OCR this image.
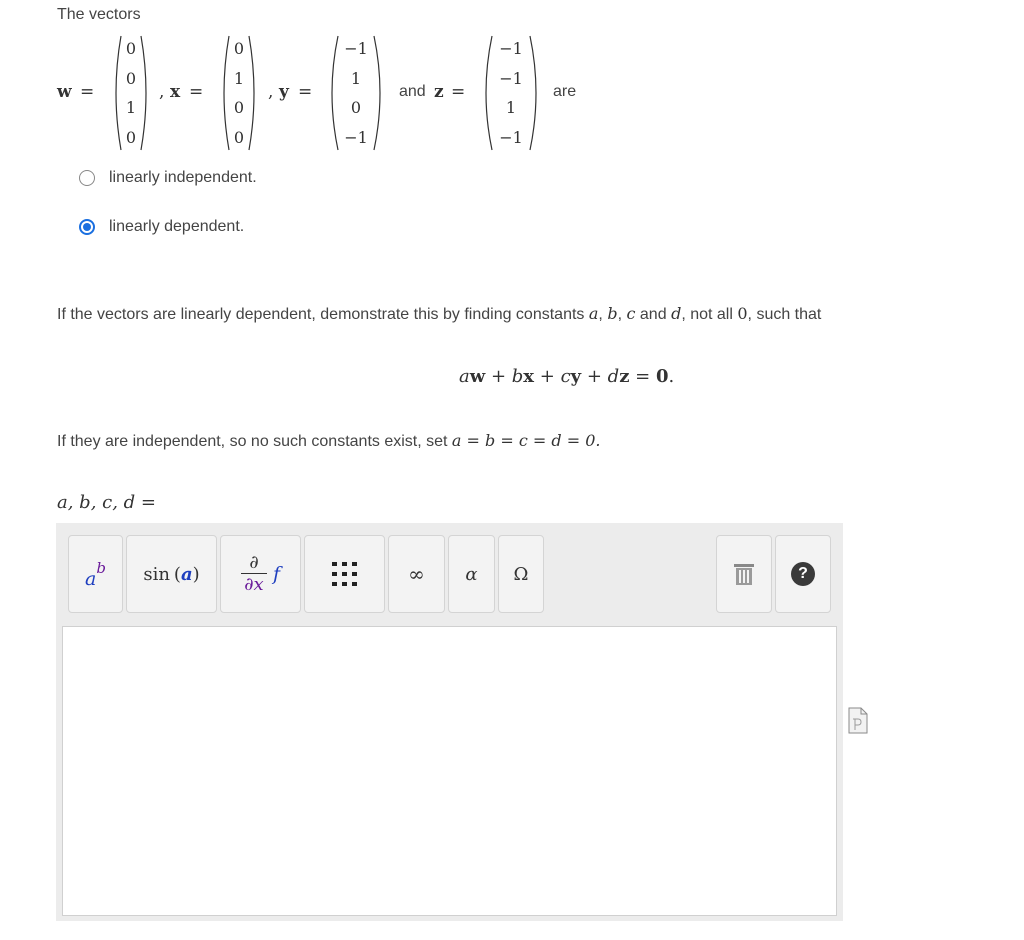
The vectors
w =
0
0
1
0
, x =
0
1
0
0
, y =
−1
1
0
−1
and z =
−1
−1
1
−1
are
linearly independent.
linearly dependent.
If the vectors are linearly dependent, demonstrate this by finding constants a, b, c and d, not all 0, such that
aw + bx + cy + dz = 0.
If they are independent, so no such constants exist, set a = b = c = d = 0.
a, b, c, d =
a b sin ( a )
∂
∂x f	∞ α Ω	?
